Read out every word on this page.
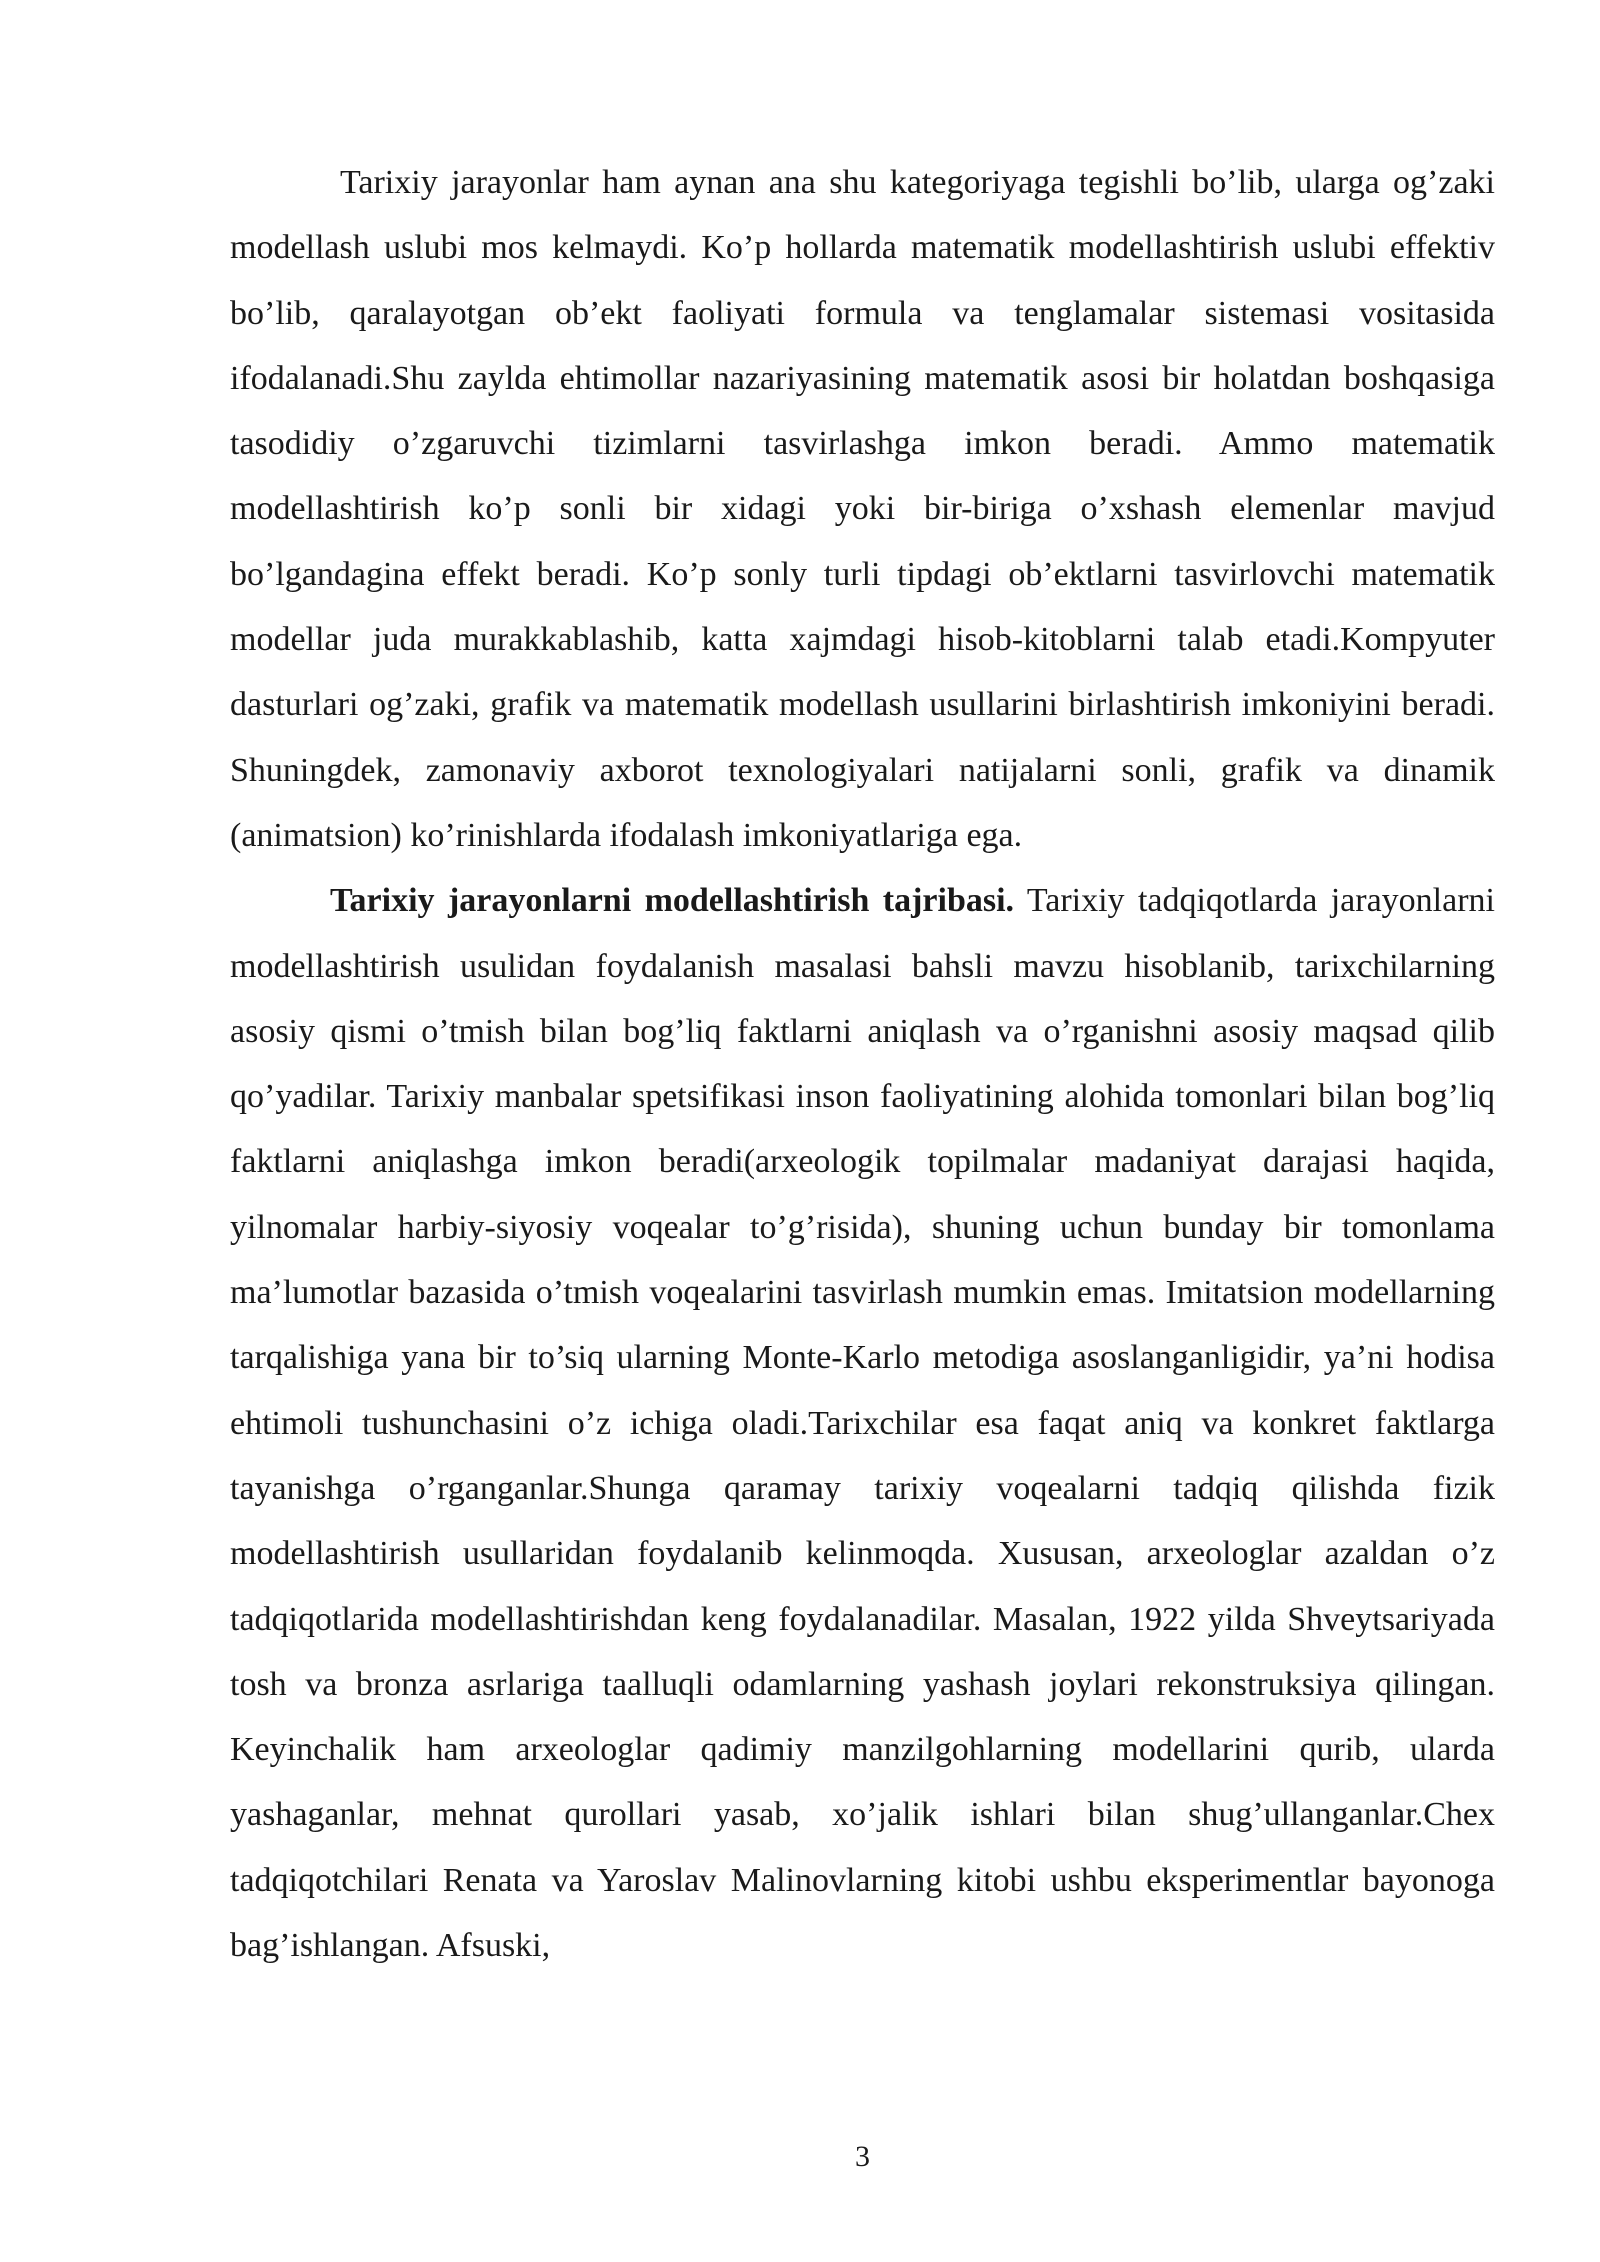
Tarixiy jarayonlar ham aynan ana shu kategoriyaga tegishli bo’lib, ularga og’zaki modellash uslubi mos kelmaydi. Ko’p hollarda matematik modellashtirish uslubi effektiv bo’lib, qaralayotgan ob’ekt faoliyati formula va tenglamalar sistemasi vositasida ifodalanadi.Shu zaylda ehtimollar nazariyasining matematik asosi bir holatdan boshqasiga tasodidiy o’zgaruvchi tizimlarni tasvirlashga imkon beradi. Ammo matematik modellashtirish ko’p sonli bir xidagi yoki bir-biriga o’xshash elemenlar mavjud bo’lgandagina effekt beradi. Ko’p sonly turli tipdagi ob’ektlarni tasvirlovchi matematik modellar juda murakkablashib, katta xajmdagi hisob-kitoblarni talab etadi.Kompyuter dasturlari og’zaki, grafik va matematik modellash usullarini birlashtirish imkoniyini beradi. Shuningdek, zamonaviy axborot texnologiyalari natijalarni sonli, grafik va dinamik (animatsion) ko’rinishlarda ifodalash imkoniyatlariga ega.

Tarixiy jarayonlarni modellashtirish tajribasi. Tarixiy tadqiqotlarda jarayonlarni modellashtirish usulidan foydalanish masalasi bahsli mavzu hisoblanib, tarixchilarning asosiy qismi o’tmish bilan bog’liq faktlarni aniqlash va o’rganishni asosiy maqsad qilib qo’yadilar. Tarixiy manbalar spetsifikasi inson faoliyatining alohida tomonlari bilan bog’liq faktlarni aniqlashga imkon beradi(arxeologik topilmalar madaniyat darajasi haqida, yilnomalar harbiy-siyosiy voqealar to’g’risida), shuning uchun bunday bir tomonlama ma’lumotlar bazasida o’tmish voqealarini tasvirlash mumkin emas. Imitatsion modellarning tarqalishiga yana bir to’siq ularning Monte-Karlo metodiga asoslanganligidir, ya’ni hodisa ehtimoli tushunchasini o’z ichiga oladi.Tarixchilar esa faqat aniq va konkret faktlarga tayanishga o’rganganlar.Shunga qaramay tarixiy voqealarni tadqiq qilishda fizik modellashtirish usullaridan foydalanib kelinmoqda. Xususan, arxeologlar azaldan o’z tadqiqotlarida modellashtirishdan keng foydalanadilar. Masalan, 1922 yilda Shveytsariyada tosh va bronza asrlariga taalluqli odamlarning yashash joylari rekonstruksiya qilingan. Keyinchalik ham arxeologlar qadimiy manzilgohlarning modellarini qurib, ularda yashaganlar, mehnat qurollari yasab, xo’jalik ishlari bilan shug’ullanganlar.Chex tadqiqotchilari Renata va Yaroslav Malinovlarning kitobi ushbu eksperimentlar bayonoga bag’ishlangan. Afsuski,

3
